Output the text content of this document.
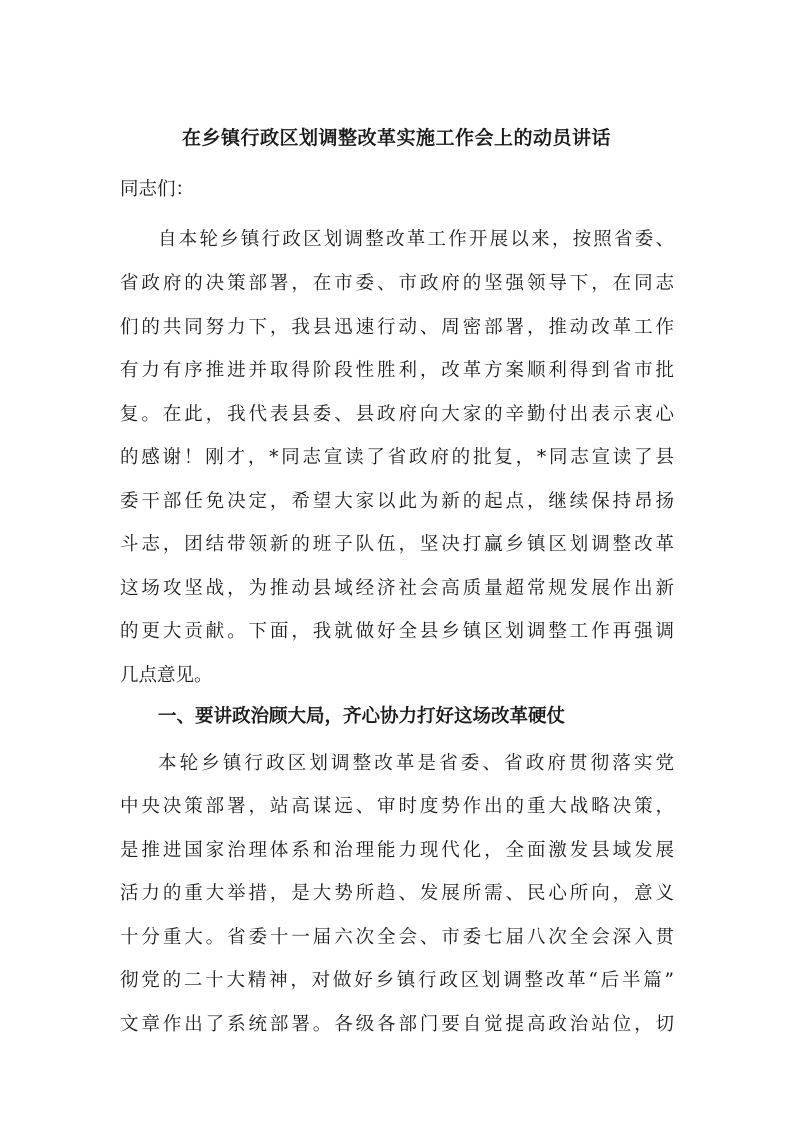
在乡镇行政区划调整改革实施工作会上的动员讲话
同志们：
自本轮乡镇行政区划调整改革工作开展以来，按照省委、
省政府的决策部署，在市委、市政府的坚强领导下，在同志
们的共同努力下，我县迅速行动、周密部署，推动改革工作
有力有序推进并取得阶段性胜利，改革方案顺利得到省市批
复。在此，我代表县委、县政府向大家的辛勤付出表示衷心
的感谢！刚才，*同志宣读了省政府的批复，*同志宣读了县
委干部任免决定，希望大家以此为新的起点，继续保持昂扬
斗志，团结带领新的班子队伍，坚决打赢乡镇区划调整改革
这场攻坚战，为推动县域经济社会高质量超常规发展作出新
的更大贡献。下面，我就做好全县乡镇区划调整工作再强调
几点意见。
一、要讲政治顾大局，齐心协力打好这场改革硬仗
本轮乡镇行政区划调整改革是省委、省政府贯彻落实党
中央决策部署，站高谋远、审时度势作出的重大战略决策，
是推进国家治理体系和治理能力现代化，全面激发县域发展
活力的重大举措，是大势所趋、发展所需、民心所向，意义
十分重大。省委十一届六次全会、市委七届八次全会深入贯
彻党的二十大精神，对做好乡镇行政区划调整改革“后半篇”
文章作出了系统部署。各级各部门要自觉提高政治站位，切
